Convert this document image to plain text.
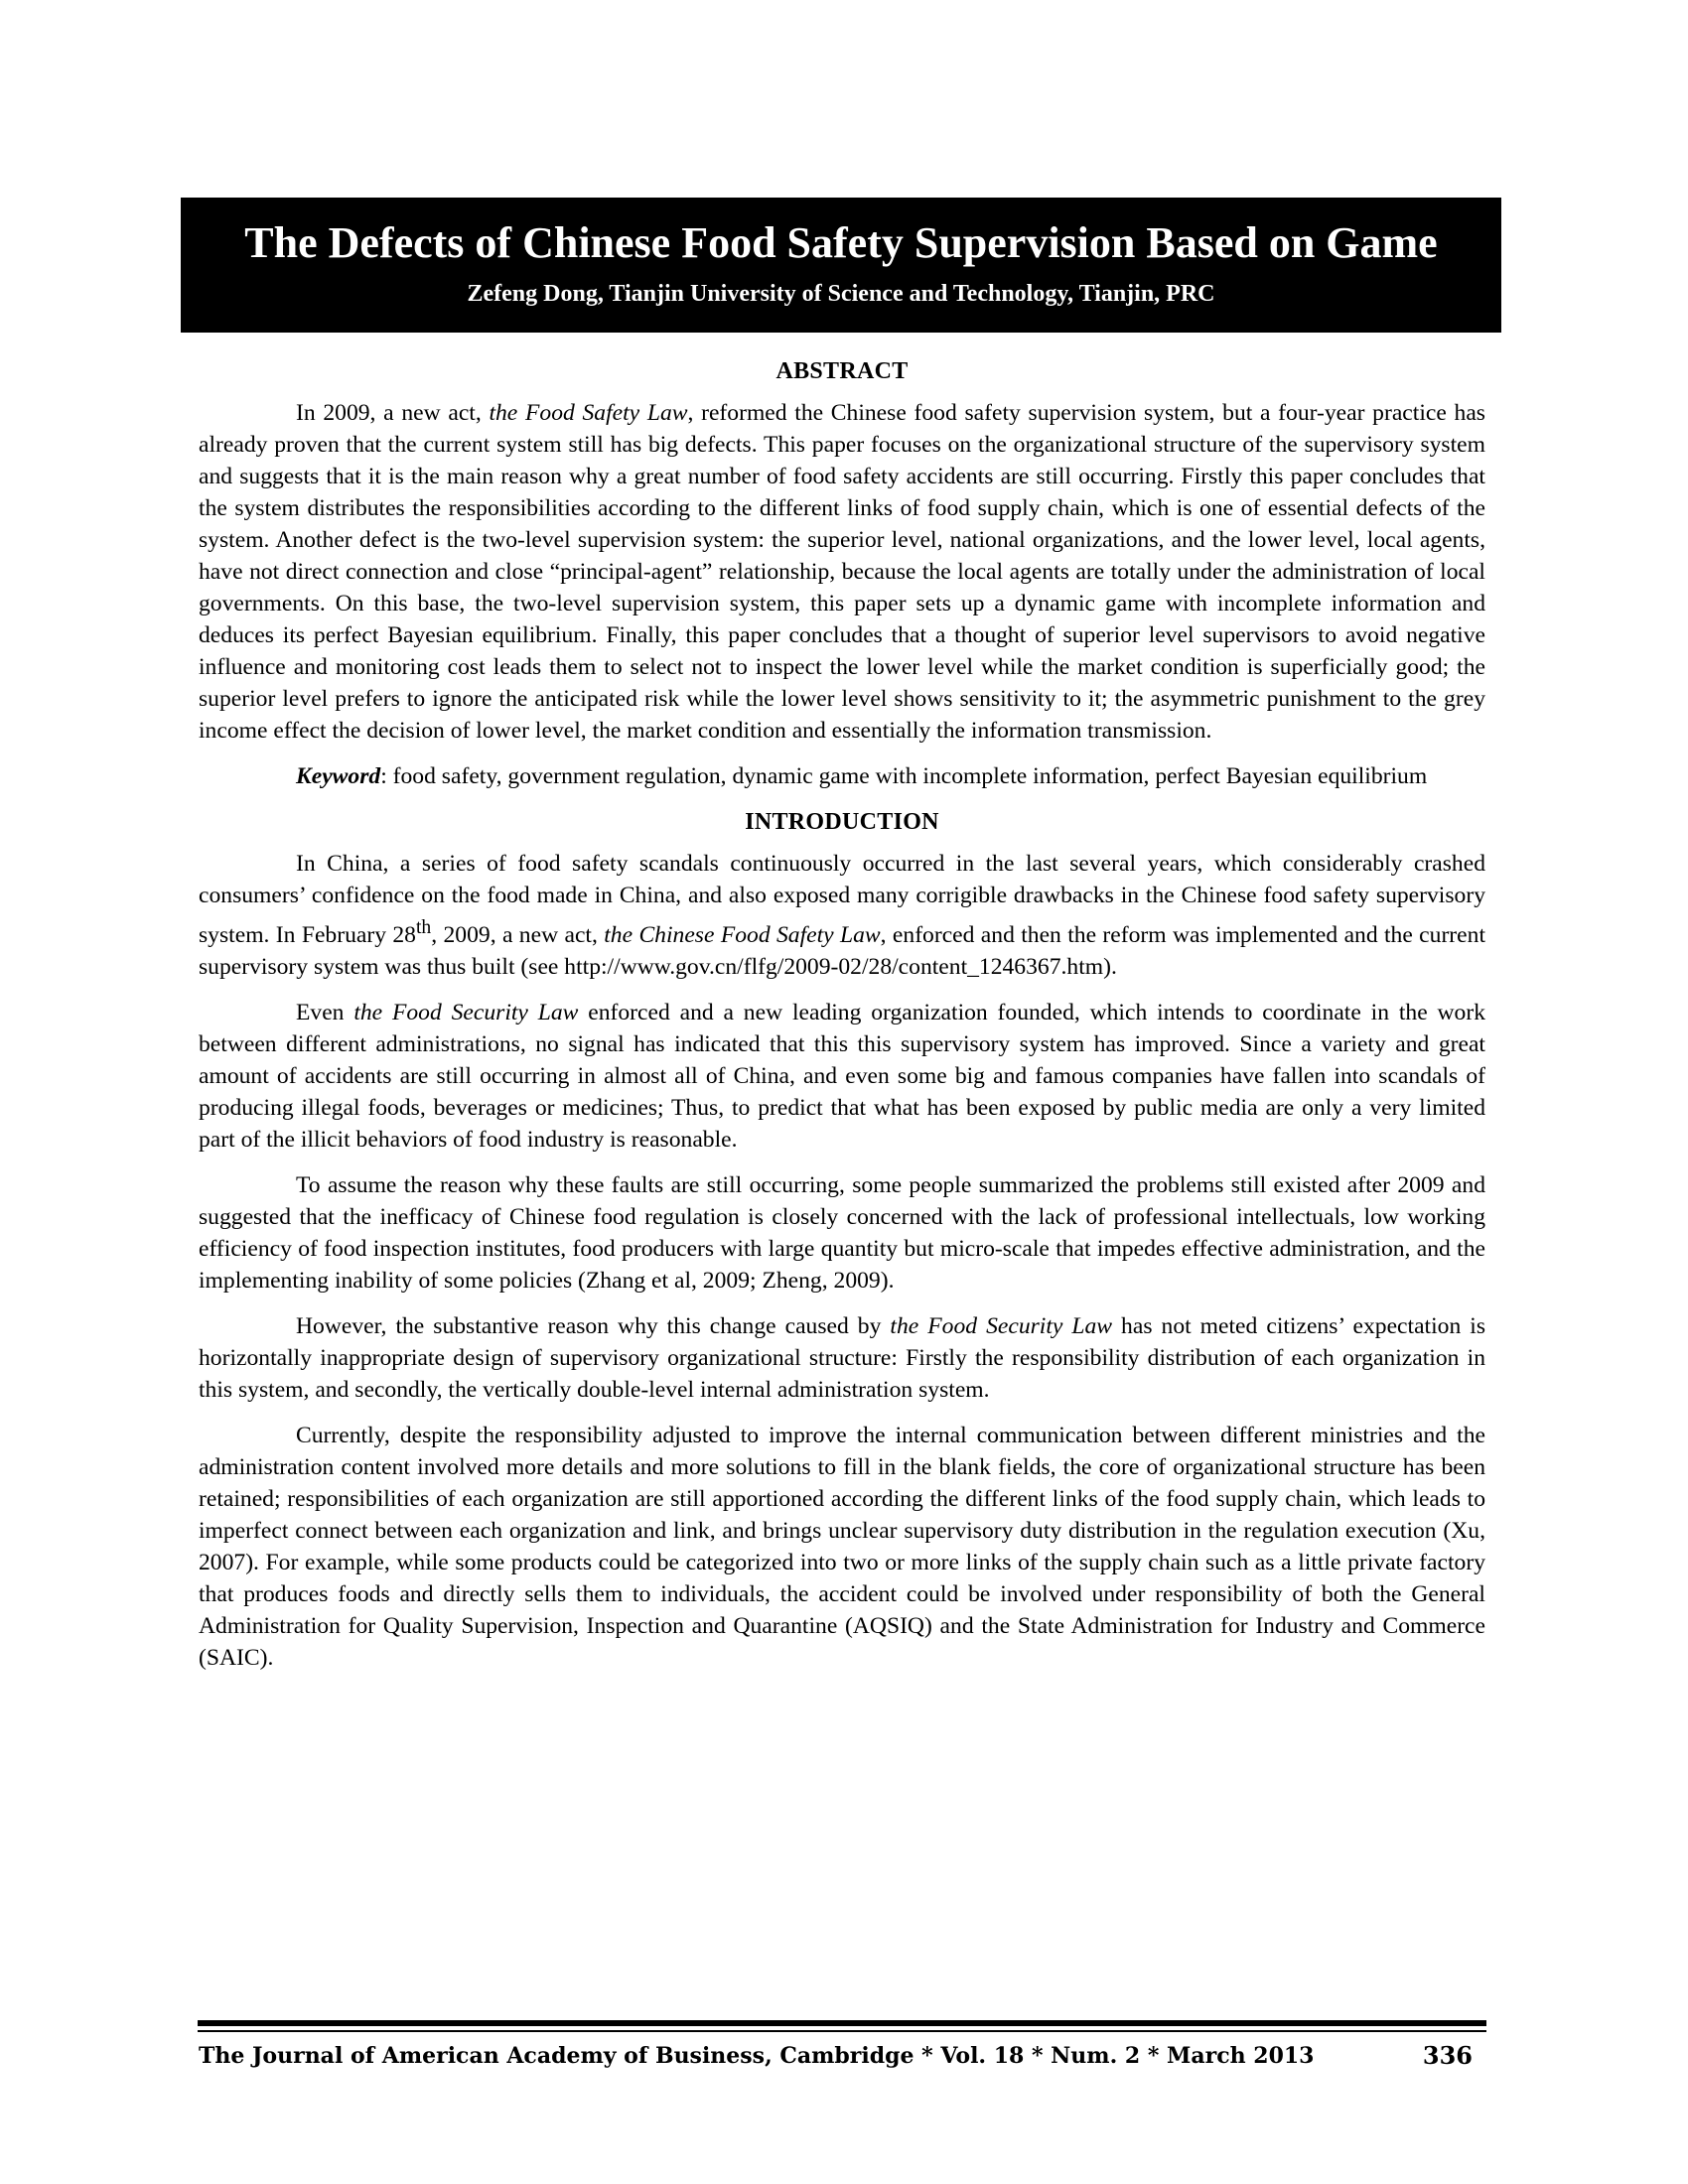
The Defects of Chinese Food Safety Supervision Based on Game
Zefeng Dong, Tianjin University of Science and Technology, Tianjin, PRC
ABSTRACT

In 2009, a new act, the Food Safety Law, reformed the Chinese food safety supervision system, but a four-year practice has already proven that the current system still has big defects. This paper focuses on the organizational structure of the supervisory system and suggests that it is the main reason why a great number of food safety accidents are still occurring. Firstly this paper concludes that the system distributes the responsibilities according to the different links of food supply chain, which is one of essential defects of the system. Another defect is the two-level supervision system: the superior level, national organizations, and the lower level, local agents, have not direct connection and close “principal-agent” relationship, because the local agents are totally under the administration of local governments. On this base, the two-level supervision system, this paper sets up a dynamic game with incomplete information and deduces its perfect Bayesian equilibrium. Finally, this paper concludes that a thought of superior level supervisors to avoid negative influence and monitoring cost leads them to select not to inspect the lower level while the market condition is superficially good; the superior level prefers to ignore the anticipated risk while the lower level shows sensitivity to it; the asymmetric punishment to the grey income effect the decision of lower level, the market condition and essentially the information transmission.

Keyword: food safety, government regulation, dynamic game with incomplete information, perfect Bayesian equilibrium

INTRODUCTION

In China, a series of food safety scandals continuously occurred in the last several years, which considerably crashed consumers’ confidence on the food made in China, and also exposed many corrigible drawbacks in the Chinese food safety supervisory system. In February 28th, 2009, a new act, the Chinese Food Safety Law, enforced and then the reform was implemented and the current supervisory system was thus built (see http://www.gov.cn/flfg/2009-02/28/content_1246367.htm).

Even the Food Security Law enforced and a new leading organization founded, which intends to coordinate in the work between different administrations, no signal has indicated that this this supervisory system has improved. Since a variety and great amount of accidents are still occurring in almost all of China, and even some big and famous companies have fallen into scandals of producing illegal foods, beverages or medicines; Thus, to predict that what has been exposed by public media are only a very limited part of the illicit behaviors of food industry is reasonable.

To assume the reason why these faults are still occurring, some people summarized the problems still existed after 2009 and suggested that the inefficacy of Chinese food regulation is closely concerned with the lack of professional intellectuals, low working efficiency of food inspection institutes, food producers with large quantity but micro-scale that impedes effective administration, and the implementing inability of some policies (Zhang et al, 2009; Zheng, 2009).

However, the substantive reason why this change caused by the Food Security Law has not meted citizens’ expectation is horizontally inappropriate design of supervisory organizational structure: Firstly the responsibility distribution of each organization in this system, and secondly, the vertically double-level internal administration system.

Currently, despite the responsibility adjusted to improve the internal communication between different ministries and the administration content involved more details and more solutions to fill in the blank fields, the core of organizational structure has been retained; responsibilities of each organization are still apportioned according the different links of the food supply chain, which leads to imperfect connect between each organization and link, and brings unclear supervisory duty distribution in the regulation execution (Xu, 2007). For example, while some products could be categorized into two or more links of the supply chain such as a little private factory that produces foods and directly sells them to individuals, the accident could be involved under responsibility of both the General Administration for Quality Supervision, Inspection and Quarantine (AQSIQ) and the State Administration for Industry and Commerce (SAIC).

The Journal of American Academy of Business, Cambridge * Vol. 18 * Num. 2 * March 2013	336
